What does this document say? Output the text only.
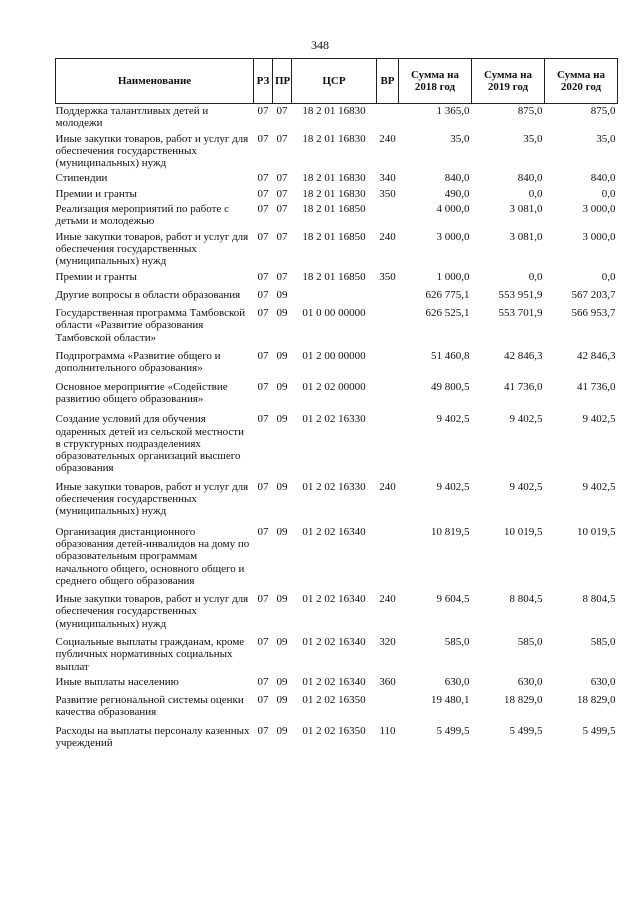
348
Наименование	РЗ	ПР	ЦСР	ВР	Сумма на 2018 год	Сумма на 2019 год	Сумма на 2020 год
Поддержка талантливых детей и молодежи	07	07	18 2 01 16830		1 365,0	875,0	875,0
Иные закупки товаров, работ и услуг для обеспечения государственных (муниципальных) нужд	07	07	18 2 01 16830	240	35,0	35,0	35,0
Стипендии	07	07	18 2 01 16830	340	840,0	840,0	840,0
Премии и гранты	07	07	18 2 01 16830	350	490,0	0,0	0,0
Реализация мероприятий по работе с детьми и молодежью	07	07	18 2 01 16850		4 000,0	3 081,0	3 000,0
Иные закупки товаров, работ и услуг для обеспечения государственных (муниципальных) нужд	07	07	18 2 01 16850	240	3 000,0	3 081,0	3 000,0
Премии и гранты	07	07	18 2 01 16850	350	1 000,0	0,0	0,0
Другие вопросы в области образования	07	09			626 775,1	553 951,9	567 203,7
Государственная программа Тамбовской области «Развитие образования Тамбовской области»	07	09	01 0 00 00000		626 525,1	553 701,9	566 953,7
Подпрограмма «Развитие общего и дополнительного образования»	07	09	01 2 00 00000		51 460,8	42 846,3	42 846,3
Основное мероприятие «Содействие развитию общего образования»	07	09	01 2 02 00000		49 800,5	41 736,0	41 736,0
Создание условий для обучения одаренных детей из сельской местности в структурных подразделениях образовательных организаций высшего образования	07	09	01 2 02 16330		9 402,5	9 402,5	9 402,5
Иные закупки товаров, работ и услуг для обеспечения государственных (муниципальных) нужд	07	09	01 2 02 16330	240	9 402,5	9 402,5	9 402,5
Организация дистанционного образования детей-инвалидов на дому по образовательным программам начального общего, основного общего и среднего общего образования	07	09	01 2 02 16340		10 819,5	10 019,5	10 019,5
Иные закупки товаров, работ и услуг для обеспечения государственных (муниципальных) нужд	07	09	01 2 02 16340	240	9 604,5	8 804,5	8 804,5
Социальные выплаты гражданам, кроме публичных нормативных социальных выплат	07	09	01 2 02 16340	320	585,0	585,0	585,0
Иные выплаты населению	07	09	01 2 02 16340	360	630,0	630,0	630,0
Развитие региональной системы оценки качества образования	07	09	01 2 02 16350		19 480,1	18 829,0	18 829,0
Расходы на выплаты персоналу казенных учреждений	07	09	01 2 02 16350	110	5 499,5	5 499,5	5 499,5
